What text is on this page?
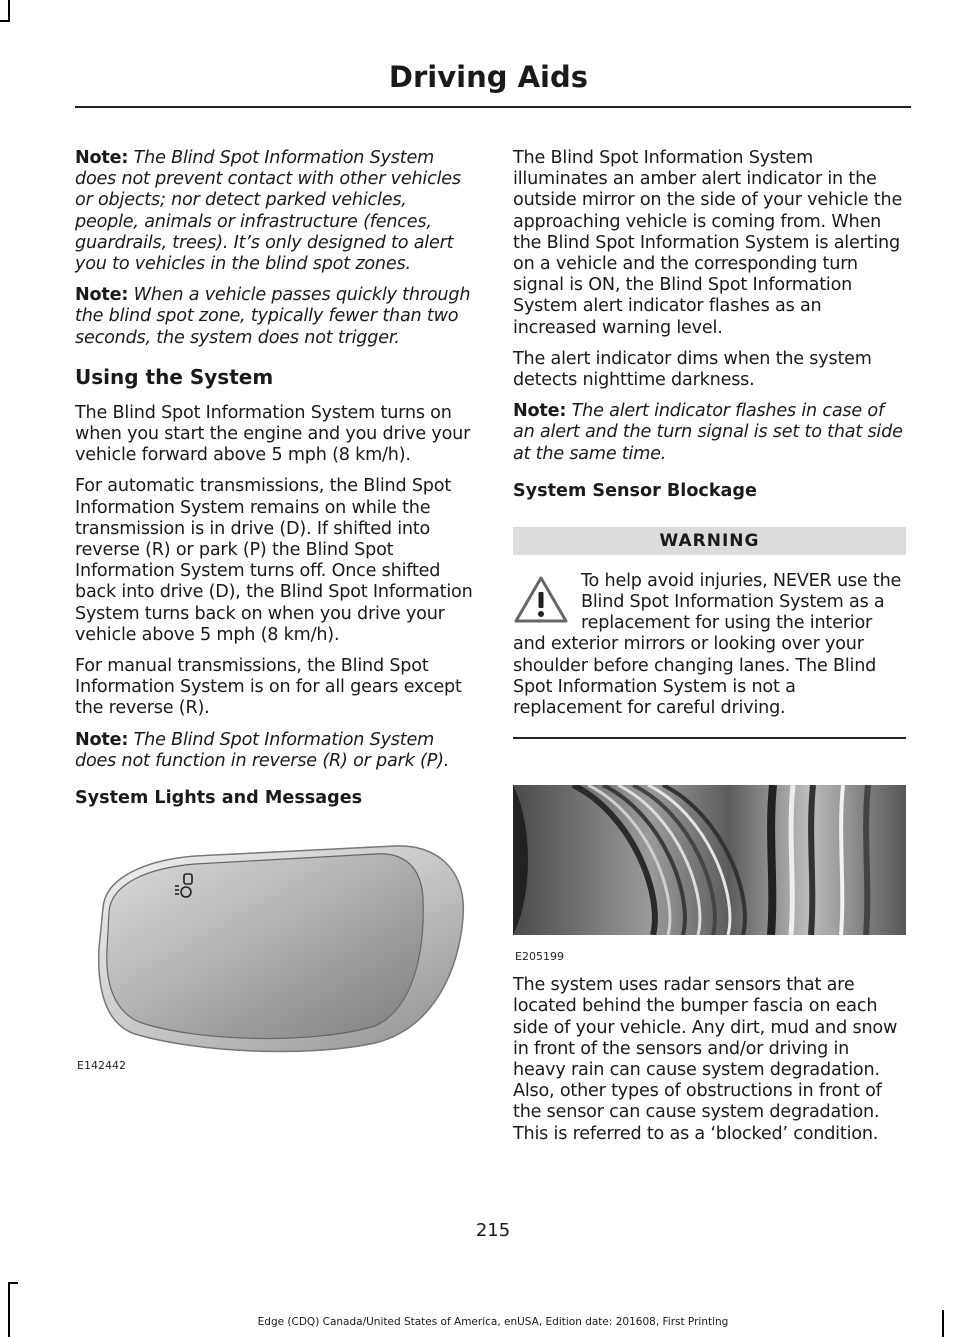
Driving Aids

Note: The Blind Spot Information System does not prevent contact with other vehicles or objects; nor detect parked vehicles, people, animals or infrastructure (fences, guardrails, trees). It’s only designed to alert you to vehicles in the blind spot zones.

Note: When a vehicle passes quickly through the blind spot zone, typically fewer than two seconds, the system does not trigger.

Using the System

The Blind Spot Information System turns on when you start the engine and you drive your vehicle forward above 5 mph (8 km/h).

For automatic transmissions, the Blind Spot Information System remains on while the transmission is in drive (D). If shifted into reverse (R) or park (P) the Blind Spot Information System turns off. Once shifted back into drive (D), the Blind Spot Information System turns back on when you drive your vehicle above 5 mph (8 km/h).

For manual transmissions, the Blind Spot Information System is on for all gears except the reverse (R).

Note: The Blind Spot Information System does not function in reverse (R) or park (P).

System Lights and Messages
E142442

The Blind Spot Information System illuminates an amber alert indicator in the outside mirror on the side of your vehicle the approaching vehicle is coming from. When the Blind Spot Information System is alerting on a vehicle and the corresponding turn signal is ON, the Blind Spot Information System alert indicator flashes as an increased warning level.

The alert indicator dims when the system detects nighttime darkness.

Note: The alert indicator flashes in case of an alert and the turn signal is set to that side at the same time.

System Sensor Blockage
WARNING

To help avoid injuries, NEVER use the Blind Spot Information System as a replacement for using the interior and exterior mirrors or looking over your shoulder before changing lanes. The Blind Spot Information System is not a replacement for careful driving.

E205199

The system uses radar sensors that are located behind the bumper fascia on each side of your vehicle. Any dirt, mud and snow in front of the sensors and/or driving in heavy rain can cause system degradation. Also, other types of obstructions in front of the sensor can cause system degradation. This is referred to as a ‘blocked’ condition.

215
Edge (CDQ) Canada/United States of America, enUSA, Edition date: 201608, First Printing
